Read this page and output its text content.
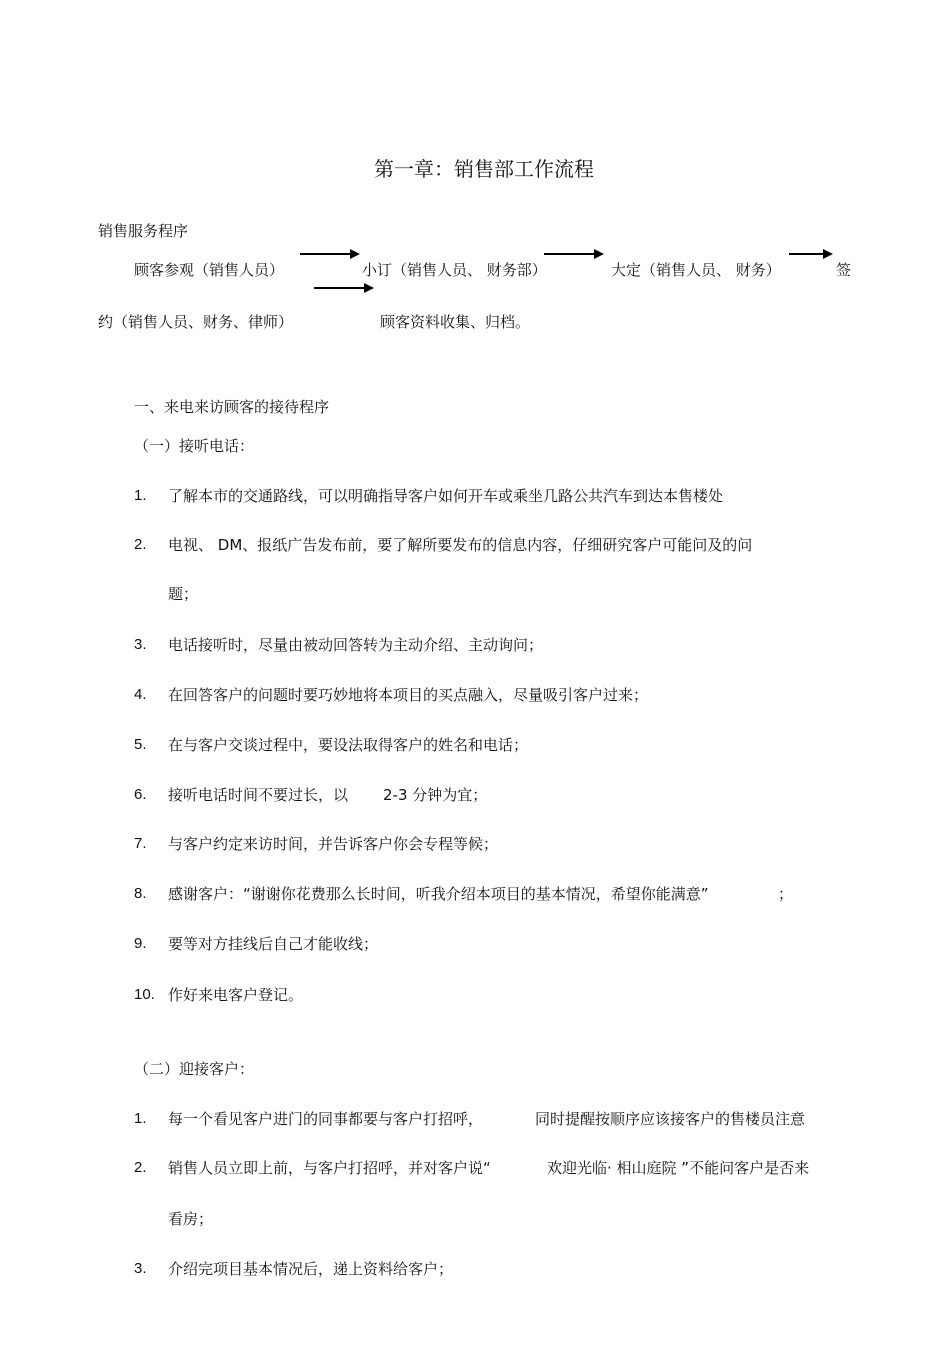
第一章：销售部工作流程
销售服务程序
顾客参观（销售人员）	小订（销售人员、 财务部）	大定（销售人员、 财务）	签
约（销售人员、财务、律师）	顾客资料收集、归档。
一、来电来访顾客的接待程序
（一）接听电话：
1. 了解本市的交通路线，可以明确指导客户如何开车或乘坐几路公共汽车到达本售楼处
2. 电视、 DM、报纸广告发布前，要了解所要发布的信息内容，仔细研究客户可能问及的问
题；
3. 电话接听时，尽量由被动回答转为主动介绍、主动询问；
4. 在回答客户的问题时要巧妙地将本项目的买点融入，尽量吸引客户过来；
5. 在与客户交谈过程中，要设法取得客户的姓名和电话；
6. 接听电话时间不要过长，以 2-3 分钟为宜；
7. 与客户约定来访时间，并告诉客户你会专程等候；
8. 感谢客户：“谢谢你花费那么长时间，听我介绍本项目的基本情况，希望你能满意”	；
9. 要等对方挂线后自己才能收线；
10. 作好来电客户登记。
（二）迎接客户：
1. 每一个看见客户进门的同事都要与客户打招呼，	同时提醒按顺序应该接客户的售楼员注意
2. 销售人员立即上前，与客户打招呼，并对客户说“	欢迎光临· 相山庭院 ”不能问客户是否来
看房；
3. 介绍完项目基本情况后，递上资料给客户；
